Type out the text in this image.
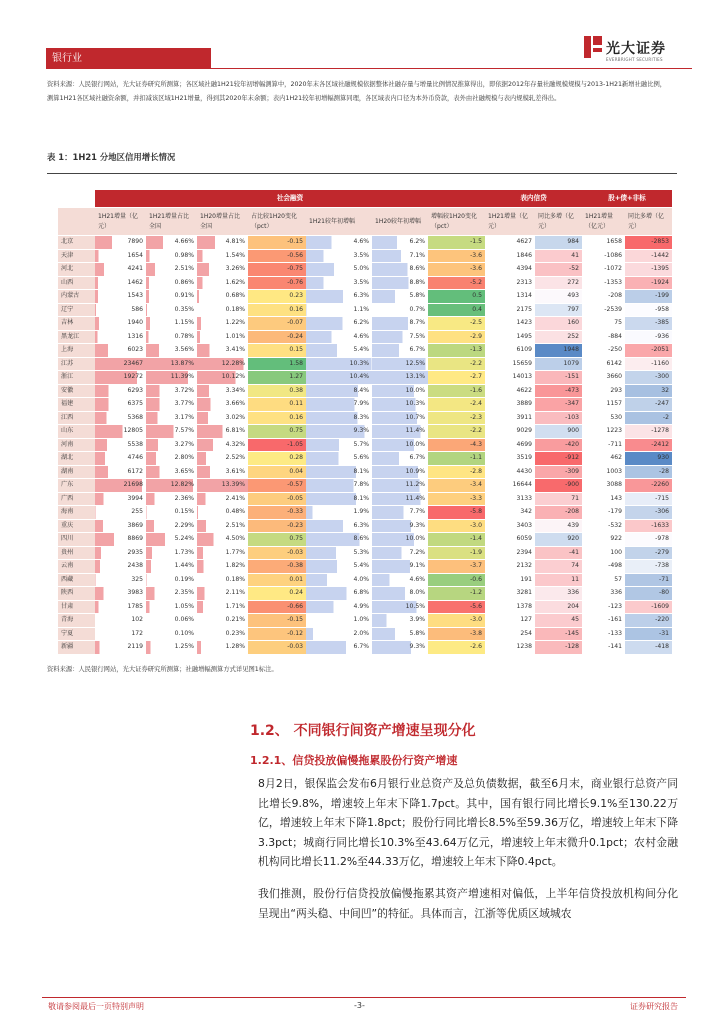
银行业
光大证券
EVERBRIGHT SECURITIES
资料来源：人民银行网站，光大证券研究所测算；各区域社融1H21较年初增幅测算中，2020年末各区域社融规模依据整体社融存量与增量比例情况推算得出，即依据2012年存量社融规模规模与2013-1H21新增社融比例，测算1H21各区域社融资余额，并扣减该区域1H21增量，得到其2020年末余额；表内1H21较年初增幅测算同理，各区域表内口径为本外币贷款，表外由社融规模与表内规模轧差得出。
表 1：1H21 分地区信用增长情况
	社会融资							表内信贷		股+债+非标	
	1H21增量（亿元）	1H21增量占比全国	1H20增量占比全国	占比较1H20变化（pct）	1H21较年初增幅	1H20较年初增幅	增幅较1H20变化（pct）	1H21增量（亿元）	同比多增（亿元）	1H21增量（亿元）	同比多增（亿元）
北京	7890	4.66%	4.81%	-0.15	4.6%	6.2%	-1.5	4627	984	1658	-2853
天津	1654	0.98%	1.54%	-0.56	3.5%	7.1%	-3.6	1846	41	-1086	-1442
河北	4241	2.51%	3.26%	-0.75	5.0%	8.6%	-3.6	4394	-52	-1072	-1395
山西	1462	0.86%	1.62%	-0.76	3.5%	8.8%	-5.2	2313	272	-1353	-1924
内蒙古	1543	0.91%	0.68%	0.23	6.3%	5.8%	0.5	1314	493	-208	-199
辽宁	586	0.35%	0.18%	0.16	1.1%	0.7%	0.4	2175	797	-2539	-958
吉林	1940	1.15%	1.22%	-0.07	6.2%	8.7%	-2.5	1423	160	75	-385
黑龙江	1316	0.78%	1.01%	-0.24	4.6%	7.5%	-2.9	1495	252	-884	-936
上海	6023	3.56%	3.41%	0.15	5.4%	6.7%	-1.3	6109	1948	-250	-2051
江苏	23467	13.87%	12.28%	1.58	10.3%	12.5%	-2.2	15659	1079	6142	-1160
浙江	19272	11.39%	10.12%	1.27	10.4%	13.1%	-2.7	14013	-151	3660	-300
安徽	6293	3.72%	3.34%	0.38	8.4%	10.0%	-1.6	4622	-473	293	32
福建	6375	3.77%	3.66%	0.11	7.9%	10.3%	-2.4	3889	-347	1157	-247
江西	5368	3.17%	3.02%	0.16	8.3%	10.7%	-2.3	3911	-103	530	-2
山东	12805	7.57%	6.81%	0.75	9.3%	11.4%	-2.2	9029	900	1223	-1278
河南	5538	3.27%	4.32%	-1.05	5.7%	10.0%	-4.3	4699	-420	-711	-2412
湖北	4746	2.80%	2.52%	0.28	5.6%	6.7%	-1.1	3519	-912	462	930
湖南	6172	3.65%	3.61%	0.04	8.1%	10.9%	-2.8	4430	-309	1003	-28
广东	21698	12.82%	13.39%	-0.57	7.8%	11.2%	-3.4	16644	-900	3088	-2260
广西	3994	2.36%	2.41%	-0.05	8.1%	11.4%	-3.3	3133	71	143	-715
海南	255	0.15%	0.48%	-0.33	1.9%	7.7%	-5.8	342	-208	-179	-306
重庆	3869	2.29%	2.51%	-0.23	6.3%	9.3%	-3.0	3403	439	-532	-1633
四川	8869	5.24%	4.50%	0.75	8.6%	10.0%	-1.4	6059	920	922	-978
贵州	2935	1.73%	1.77%	-0.03	5.3%	7.2%	-1.9	2394	-41	100	-279
云南	2438	1.44%	1.82%	-0.38	5.4%	9.1%	-3.7	2132	74	-498	-738
西藏	325	0.19%	0.18%	0.01	4.0%	4.6%	-0.6	191	11	57	-71
陕西	3983	2.35%	2.11%	0.24	6.8%	8.0%	-1.2	3281	336	336	-80
甘肃	1785	1.05%	1.71%	-0.66	4.9%	10.5%	-5.6	1378	204	-123	-1609
青海	102	0.06%	0.21%	-0.15	1.0%	3.9%	-3.0	127	45	-161	-220
宁夏	172	0.10%	0.23%	-0.12	2.0%	5.8%	-3.8	254	-145	-133	-31
新疆	2119	1.25%	1.28%	-0.03	6.7%	9.3%	-2.6	1238	-128	-141	-418
资料来源：人民银行网站，光大证券研究所测算；社融增幅测算方式详见图1标注。
1.2、 不同银行间资产增速呈现分化
1.2.1、信贷投放偏慢拖累股份行资产增速
8月2日，银保监会发布6月银行业总资产及总负债数据，截至6月末，商业银行总资产同比增长9.8%，增速较上年末下降1.7pct。其中，国有银行同比增长9.1%至130.22万亿，增速较上年末下降1.8pct；股份行同比增长8.5%至59.36万亿，增速较上年末下降3.3pct；城商行同比增长10.3%至43.64万亿元，增速较上年末微升0.1pct；农村金融机构同比增长11.2%至44.33万亿，增速较上年末下降0.4pct。
我们推测，股份行信贷投放偏慢拖累其资产增速相对偏低，上半年信贷投放机构间分化呈现出“两头稳、中间凹”的特征。具体而言，江浙等优质区域城农
敬请参阅最后一页特别声明	-3-	证券研究报告
